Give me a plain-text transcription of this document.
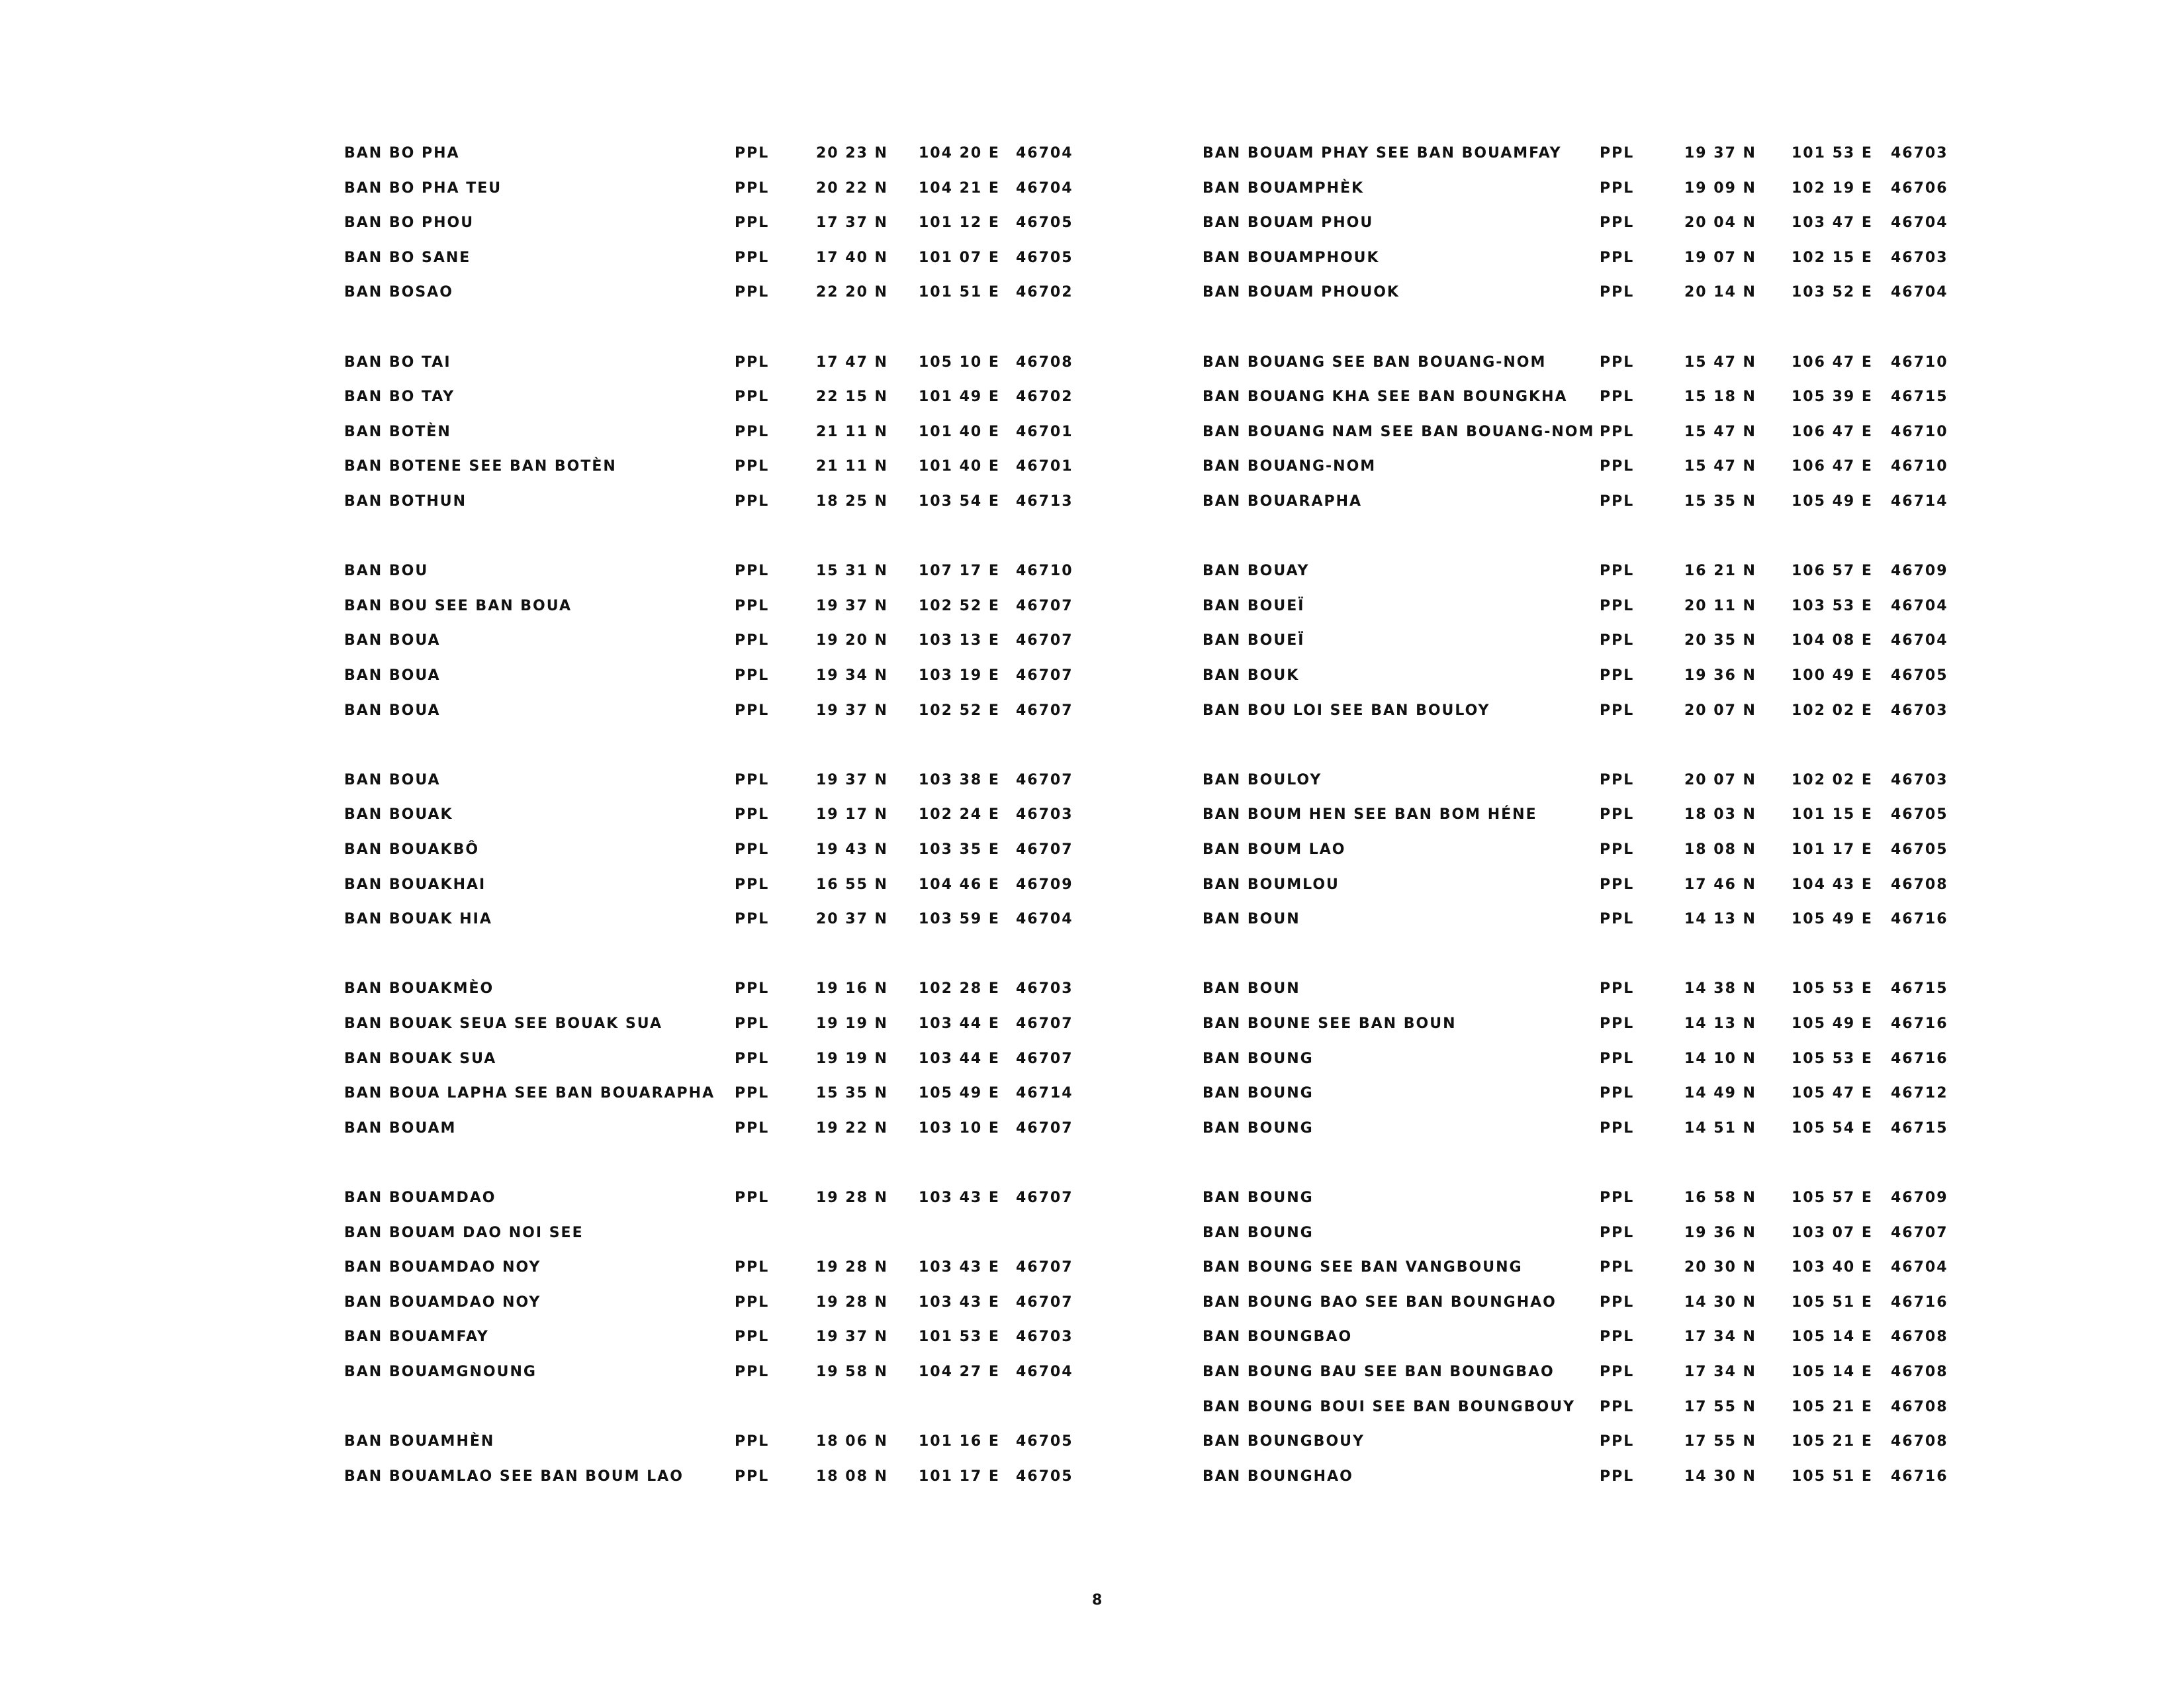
BAN BO PHA	PPL	20 23 N 104 20 E 46704
BAN BO PHA TEU	PPL	20 22 N 104 21 E 46704
BAN BO PHOU	PPL	17 37 N 101 12 E 46705
BAN BO SANE	PPL	17 40 N 101 07 E 46705
BAN BOSAO	PPL	22 20 N 101 51 E 46702
BAN BO TAI	PPL	17 47 N 105 10 E 46708
BAN BO TAY	PPL	22 15 N 101 49 E 46702
BAN BOTÈN	PPL	21 11 N 101 40 E 46701
BAN BOTENE SEE BAN BOTÈN	PPL	21 11 N 101 40 E 46701
BAN BOTHUN	PPL	18 25 N 103 54 E 46713
BAN BOU	PPL	15 31 N 107 17 E 46710
BAN BOU SEE BAN BOUA	PPL	19 37 N 102 52 E 46707
BAN BOUA	PPL	19 20 N 103 13 E 46707
BAN BOUA	PPL	19 34 N 103 19 E 46707
BAN BOUA	PPL	19 37 N 102 52 E 46707
BAN BOUA	PPL	19 37 N 103 38 E 46707
BAN BOUAK	PPL	19 17 N 102 24 E 46703
BAN BOUAKBÔ	PPL	19 43 N 103 35 E 46707
BAN BOUAKHAI	PPL	16 55 N 104 46 E 46709
BAN BOUAK HIA	PPL	20 37 N 103 59 E 46704
BAN BOUAKMÈO	PPL	19 16 N 102 28 E 46703
BAN BOUAK SEUA SEE BOUAK SUA	PPL	19 19 N 103 44 E 46707
BAN BOUAK SUA	PPL	19 19 N 103 44 E 46707
BAN BOUA LAPHA SEE BAN BOUARAPHA PPL	15 35 N 105 49 E 46714
BAN BOUAM	PPL	19 22 N 103 10 E 46707
BAN BOUAMDAO	PPL	19 28 N 103 43 E 46707
BAN BOUAM DAO NOI SEE
BAN BOUAMDAO NOY	PPL	19 28 N 103 43 E 46707
BAN BOUAMDAO NOY	PPL	19 28 N 103 43 E 46707
BAN BOUAMFAY	PPL	19 37 N 101 53 E 46703
BAN BOUAMGNOUNG	PPL	19 58 N 104 27 E 46704
BAN BOUAMHÈN	PPL	18 06 N 101 16 E 46705
BAN BOUAMLAO SEE BAN BOUM LAO	PPL	18 08 N 101 17 E 46705
BAN BOUAM PHAY SEE BAN BOUAMFAY	PPL	19 37 N 101 53 E 46703
BAN BOUAMPHÈK	PPL	19 09 N 102 19 E 46706
BAN BOUAM PHOU	PPL	20 04 N 103 47 E 46704
BAN BOUAMPHOUK	PPL	19 07 N 102 15 E 46703
BAN BOUAM PHOUOK	PPL	20 14 N 103 52 E 46704
BAN BOUANG SEE BAN BOUANG-NOM	PPL	15 47 N 106 47 E 46710
BAN BOUANG KHA SEE BAN BOUNGKHA PPL	15 18 N 105 39 E 46715
BAN BOUANG NAM SEE BAN BOUANG-NOM PPL	15 47 N 106 47 E 46710
BAN BOUANG-NOM	PPL	15 47 N 106 47 E 46710
BAN BOUARAPHA	PPL	15 35 N 105 49 E 46714
BAN BOUAY	PPL	16 21 N 106 57 E 46709
BAN BOUEÏ	PPL	20 11 N 103 53 E 46704
BAN BOUEÏ	PPL	20 35 N 104 08 E 46704
BAN BOUK	PPL	19 36 N 100 49 E 46705
BAN BOU LOI SEE BAN BOULOY	PPL	20 07 N 102 02 E 46703
BAN BOULOY	PPL	20 07 N 102 02 E 46703
BAN BOUM HEN SEE BAN BOM HÉNE	PPL	18 03 N 101 15 E 46705
BAN BOUM LAO	PPL	18 08 N 101 17 E 46705
BAN BOUMLOU	PPL	17 46 N 104 43 E 46708
BAN BOUN	PPL	14 13 N 105 49 E 46716
BAN BOUN	PPL	14 38 N 105 53 E 46715
BAN BOUNE SEE BAN BOUN	PPL	14 13 N 105 49 E 46716
BAN BOUNG	PPL	14 10 N 105 53 E 46716
BAN BOUNG	PPL	14 49 N 105 47 E 46712
BAN BOUNG	PPL	14 51 N 105 54 E 46715
BAN BOUNG	PPL	16 58 N 105 57 E 46709
BAN BOUNG	PPL	19 36 N 103 07 E 46707
BAN BOUNG SEE BAN VANGBOUNG	PPL	20 30 N 103 40 E 46704
BAN BOUNG BAO SEE BAN BOUNGHAO	PPL	14 30 N 105 51 E 46716
BAN BOUNGBAO	PPL	17 34 N 105 14 E 46708
BAN BOUNG BAU SEE BAN BOUNGBAO	PPL	17 34 N 105 14 E 46708
BAN BOUNG BOUI SEE BAN BOUNGBOUY PPL	17 55 N 105 21 E 46708
BAN BOUNGBOUY	PPL	17 55 N 105 21 E 46708
BAN BOUNGHAO	PPL	14 30 N 105 51 E 46716
8
